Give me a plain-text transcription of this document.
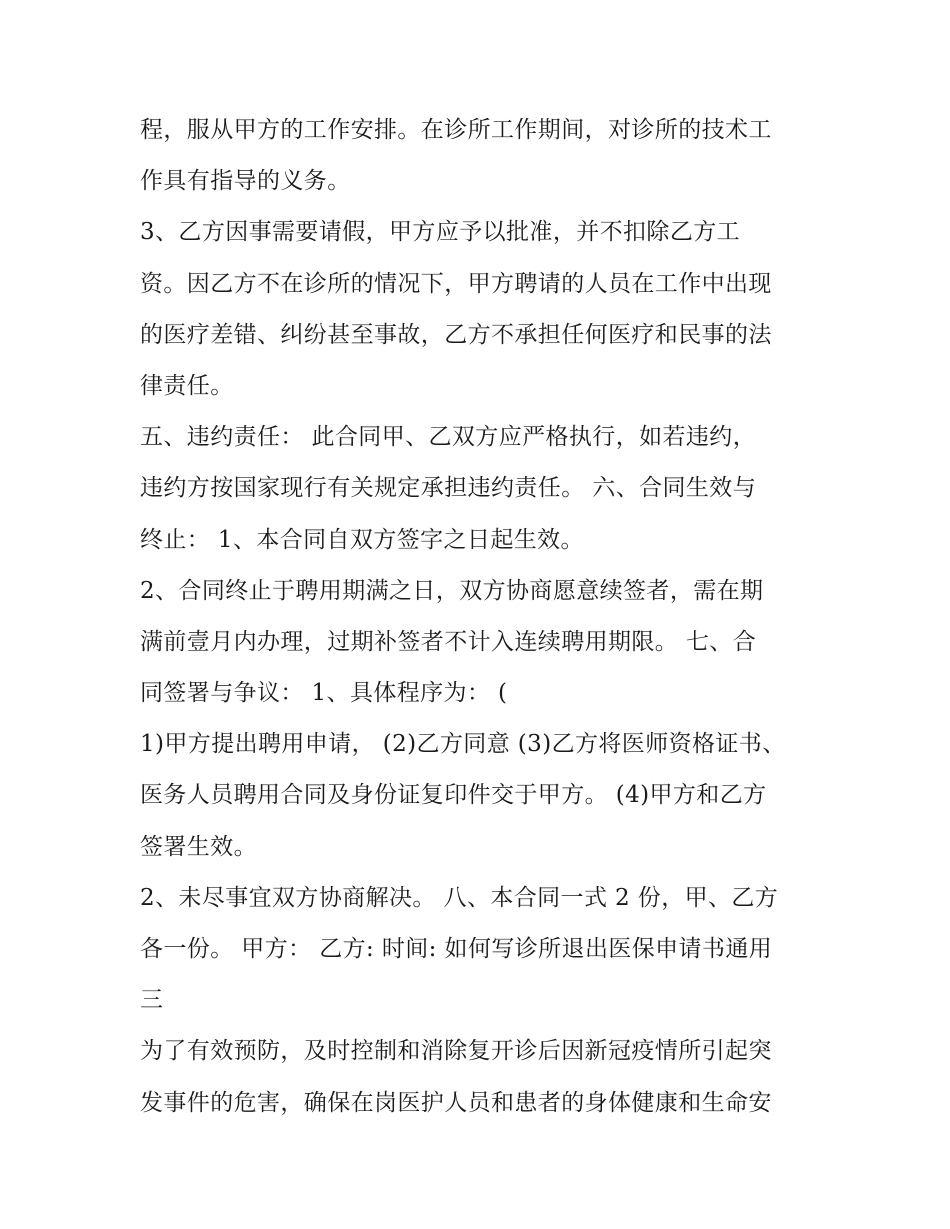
程，服从甲方的工作安排。在诊所工作期间，对诊所的技术工
作具有指导的义务。
3、乙方因事需要请假，甲方应予以批准，并不扣除乙方工
资。因乙方不在诊所的情况下，甲方聘请的人员在工作中出现
的医疗差错、纠纷甚至事故，乙方不承担任何医疗和民事的法
律责任。
五、违约责任： 此合同甲、乙双方应严格执行，如若违约，
违约方按国家现行有关规定承担违约责任。 六、合同生效与
终止： 1、本合同自双方签字之日起生效。
2、合同终止于聘用期满之日，双方协商愿意续签者，需在期
满前壹月内办理，过期补签者不计入连续聘用期限。 七、合
同签署与争议： 1、具体程序为： (
1)甲方提出聘用申请， (2)乙方同意 (3)乙方将医师资格证书、
医务人员聘用合同及身份证复印件交于甲方。 (4)甲方和乙方
签署生效。
2、未尽事宜双方协商解决。 八、本合同一式 2 份，甲、乙方
各一份。 甲方： 乙方: 时间: 如何写诊所退出医保申请书通用
三
为了有效预防，及时控制和消除复开诊后因新冠疫情所引起突
发事件的危害，确保在岗医护人员和患者的身体健康和生命安
